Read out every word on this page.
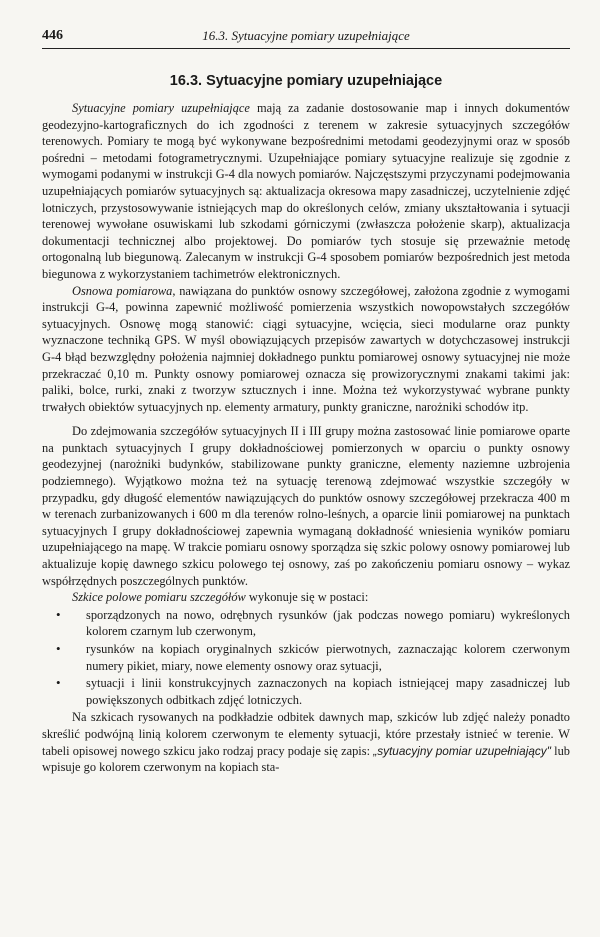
446	16.3. Sytuacyjne pomiary uzupełniające
16.3. Sytuacyjne pomiary uzupełniające

Sytuacyjne pomiary uzupełniające mają za zadanie dostosowanie map i innych dokumentów geodezyjno-kartograficznych do ich zgodności z terenem w zakresie sytuacyjnych szczegółów terenowych. Pomiary te mogą być wykonywane bezpośrednimi metodami geodezyjnymi oraz w sposób pośredni – metodami fotogrametrycznymi. Uzupełniające pomiary sytuacyjne realizuje się zgodnie z wymogami podanymi w instrukcji G-4 dla nowych pomiarów. Najczęstszymi przyczynami podejmowania uzupełniających pomiarów sytuacyjnych są: aktualizacja okresowa mapy zasadniczej, uczytelnienie zdjęć lotniczych, przystosowywanie istniejących map do określonych celów, zmiany ukształtowania i sytuacji terenowej wywołane osuwiskami lub szkodami górniczymi (zwłaszcza położenie skarp), aktualizacja dokumentacji technicznej albo projektowej. Do pomiarów tych stosuje się przeważnie metodę ortogonalną lub biegunową. Zalecanym w instrukcji G-4 sposobem pomiarów bezpośrednich jest metoda biegunowa z wykorzystaniem tachimetrów elektronicznych.

Osnowa pomiarowa, nawiązana do punktów osnowy szczegółowej, założona zgodnie z wymogami instrukcji G-4, powinna zapewnić możliwość pomierzenia wszystkich nowopowstałych szczegółów sytuacyjnych. Osnowę mogą stanowić: ciągi sytuacyjne, wcięcia, sieci modularne oraz punkty wyznaczone techniką GPS. W myśl obowiązujących przepisów zawartych w dotychczasowej instrukcji G-4 błąd bezwzględny położenia najmniej dokładnego punktu pomiarowej osnowy sytuacyjnej nie może przekraczać 0,10 m. Punkty osnowy pomiarowej oznacza się prowizorycznymi znakami takimi jak: paliki, bolce, rurki, znaki z tworzyw sztucznych i inne. Można też wykorzystywać wybrane punkty trwałych obiektów sytuacyjnych np. elementy armatury, punkty graniczne, narożniki schodów itp.

Do zdejmowania szczegółów sytuacyjnych II i III grupy można zastosować linie pomiarowe oparte na punktach sytuacyjnych I grupy dokładnościowej pomierzonych w oparciu o punkty osnowy geodezyjnej (narożniki budynków, stabilizowane punkty graniczne, elementy naziemne uzbrojenia podziemnego). Wyjątkowo można też na sytuację terenową zdejmować wszystkie szczegóły w przypadku, gdy długość elementów nawiązujących do punktów osnowy szczegółowej przekracza 400 m w terenach zurbanizowanych i 600 m dla terenów rolno-leśnych, a oparcie linii pomiarowej na punktach sytuacyjnych I grupy dokładnościowej zapewnia wymaganą dokładność wniesienia wyników pomiaru uzupełniającego na mapę. W trakcie pomiaru osnowy sporządza się szkic polowy osnowy pomiarowej lub aktualizuje kopię dawnego szkicu polowego tej osnowy, zaś po zakończeniu pomiaru osnowy – wykaz współrzędnych poszczególnych punktów.

Szkice polowe pomiaru szczegółów wykonuje się w postaci:

• sporządzonych na nowo, odrębnych rysunków (jak podczas nowego pomiaru) wykreślonych kolorem czarnym lub czerwonym,
• rysunków na kopiach oryginalnych szkiców pierwotnych, zaznaczając kolorem czerwonym numery pikiet, miary, nowe elementy osnowy oraz sytuacji,
• sytuacji i linii konstrukcyjnych zaznaczonych na kopiach istniejącej mapy zasadniczej lub powiększonych odbitkach zdjęć lotniczych.

Na szkicach rysowanych na podkładzie odbitek dawnych map, szkiców lub zdjęć należy ponadto skreślić podwójną linią kolorem czerwonym te elementy sytuacji, które przestały istnieć w terenie. W tabeli opisowej nowego szkicu jako rodzaj pracy podaje się zapis: „sytuacyjny pomiar uzupełniający" lub wpisuje go kolorem czerwonym na kopiach sta-
